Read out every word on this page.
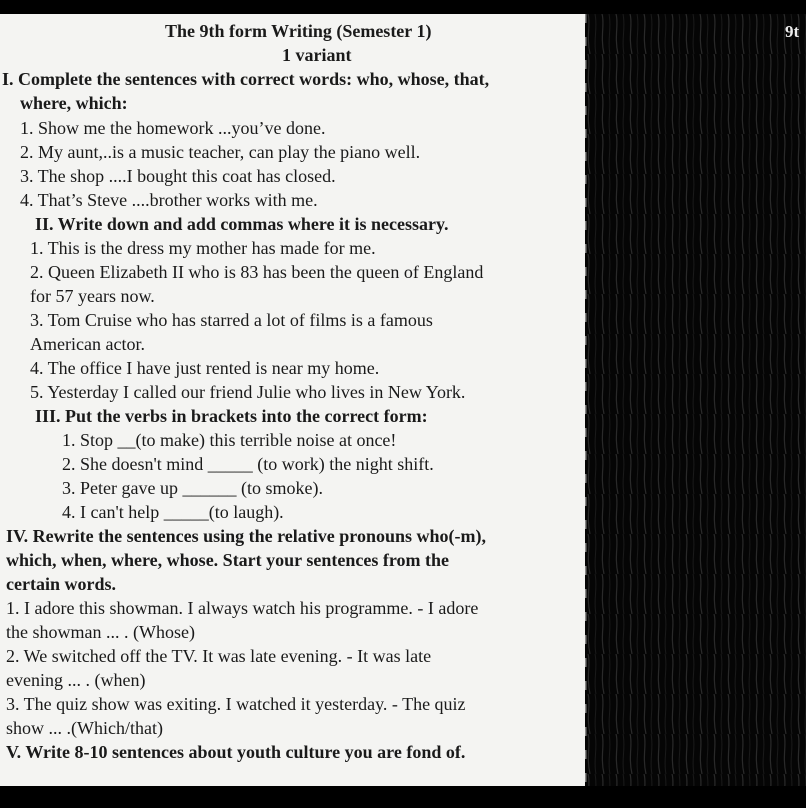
The 9th form Writing (Semester 1)
1 variant
I. Complete the sentences with correct words: who, whose, that,
where, which:
1. Show me the homework ...you’ve done.
2. My aunt,..is a music teacher, can play the piano well.
3. The shop ....I bought this coat has closed.
4. That’s Steve ....brother works with me.
II. Write down and add commas where it is necessary.
1. This is the dress my mother has made for me.
2. Queen Elizabeth II who is 83 has been the queen of England
for 57 years now.
3. Tom Cruise who has starred a lot of films is a famous
American actor.
4. The office I have just rented is near my home.
5. Yesterday I called our friend Julie who lives in New York.
III. Put the verbs in brackets into the correct form:
1. Stop __(to make) this terrible noise at once!
2. She doesn't mind _____ (to work) the night shift.
3. Peter gave up ______ (to smoke).
4. I can't help _____(to laugh).
IV. Rewrite the sentences using the relative pronouns who(-m),
which, when, where, whose. Start your sentences from the
certain words.
1. I adore this showman. I always watch his programme. - I adore
the showman ... . (Whose)
2. We switched off the TV. It was late evening. - It was late
evening ... . (when)
3. The quiz show was exiting. I watched it yesterday. - The quiz
show ... .(Which/that)
V. Write 8-10 sentences about youth culture you are fond of.
9t
